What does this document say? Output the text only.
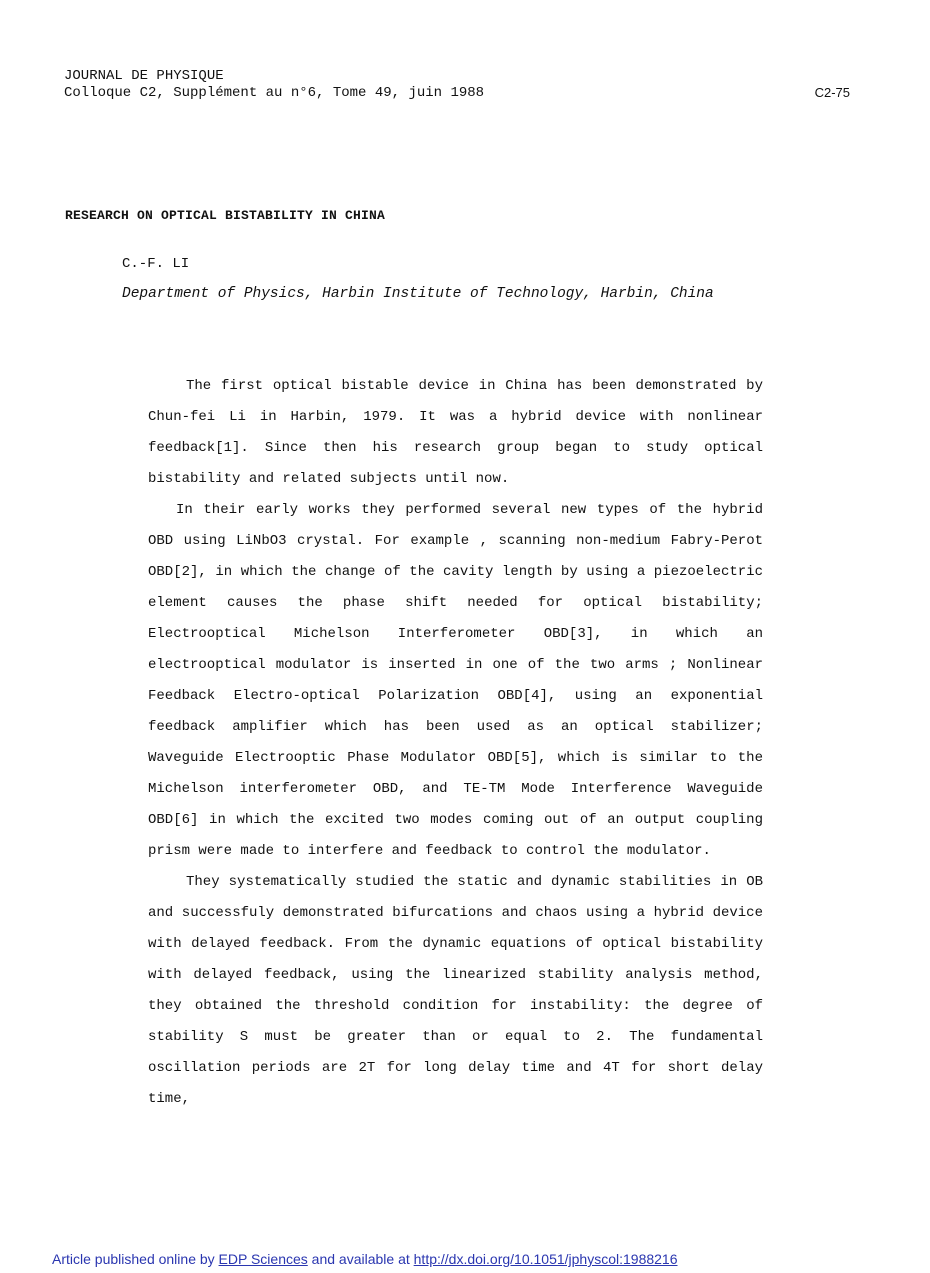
JOURNAL DE PHYSIQUE
Colloque C2, Supplément au n°6, Tome 49, juin 1988	C2-75
RESEARCH ON OPTICAL BISTABILITY IN CHINA
C.-F. LI
Department of Physics, Harbin Institute of Technology, Harbin, China

The first optical bistable device in China has been demonstrated by Chun-fei Li in Harbin, 1979. It was a hybrid device with nonlinear feedback[1]. Since then his research group began to study optical bistability and related subjects until now.

In their early works they performed several new types of the hybrid OBD using LiNbO3 crystal. For example , scanning non-medium Fabry-Perot OBD[2], in which the change of the cavity length by using a piezoelectric element causes the phase shift needed for optical bistability; Electrooptical Michelson Interferometer OBD[3], in which an electrooptical modulator is inserted in one of the two arms ; Nonlinear Feedback Electro-optical Polarization OBD[4], using an exponential feedback amplifier which has been used as an optical stabilizer; Waveguide Electrooptic Phase Modulator OBD[5], which is similar to the Michelson interferometer OBD, and TE-TM Mode Interference Waveguide OBD[6] in which the excited two modes coming out of an output coupling prism were made to interfere and feedback to control the modulator.

They systematically studied the static and dynamic stabilities in OB and successfuly demonstrated bifurcations and chaos using a hybrid device with delayed feedback. From the dynamic equations of optical bistability with delayed feedback, using the linearized stability analysis method, they obtained the threshold condition for instability: the degree of stability S must be greater than or equal to 2. The fundamental oscillation periods are 2T for long delay time and 4T for short delay time,

Article published online by EDP Sciences and available at http://dx.doi.org/10.1051/jphyscol:1988216
